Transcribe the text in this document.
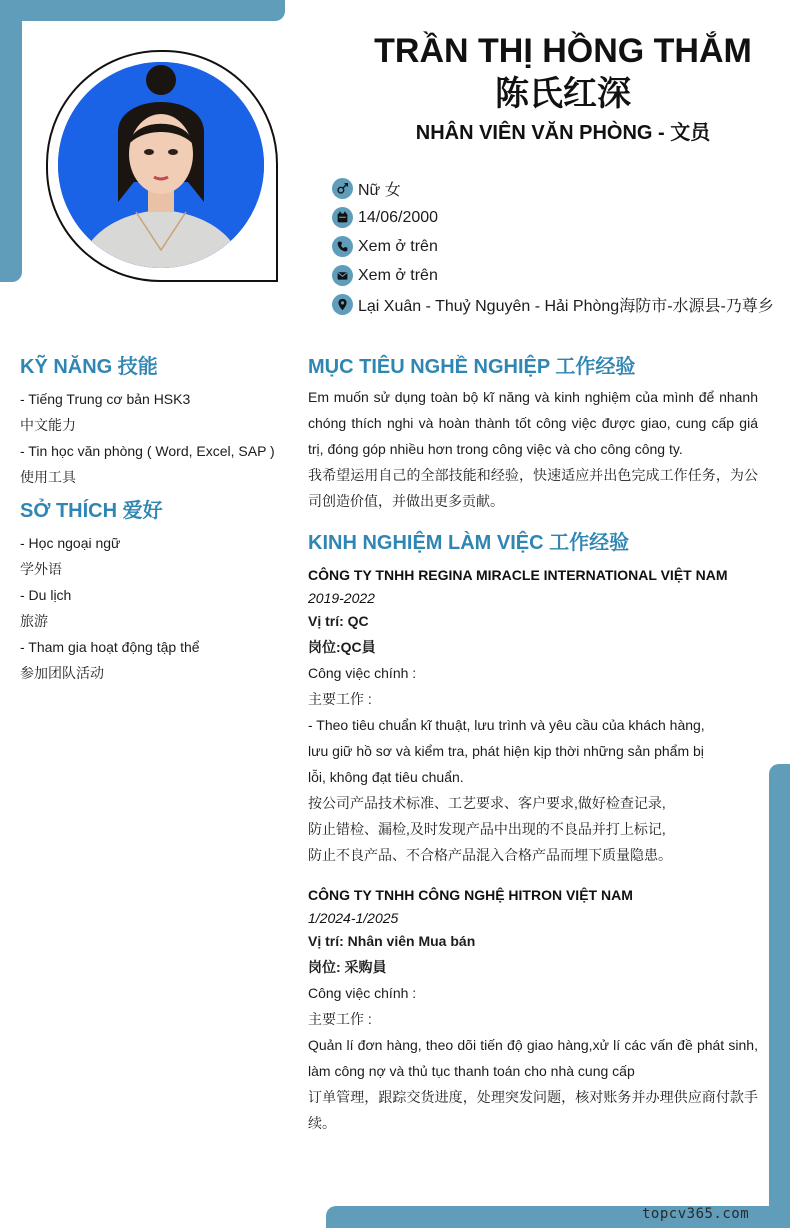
topcv365.com
TRẦN THỊ HỒNG THẮM
陈氏红深
NHÂN VIÊN VĂN PHÒNG - 文员
Nữ 女
14/06/2000
Xem ở trên
Xem ở trên
Lại Xuân - Thuỷ Nguyên - Hải Phòng海防市-水源县-乃尊乡
KỸ NĂNG 技能
- Tiếng Trung cơ bản HSK3
中文能力
- Tin học văn phòng ( Word, Excel, SAP )
使用工具
SỞ THÍCH 爱好
- Học ngoại ngữ
学外语
- Du lịch
旅游
- Tham gia hoạt động tập thể
参加团队活动
MỤC TIÊU NGHỀ NGHIỆP 工作经验
Em muốn sử dụng toàn bộ kĩ năng và kinh nghiệm của mình để nhanh chóng thích nghi và hoàn thành tốt công việc được giao, cung cấp giá trị, đóng góp nhiều hơn trong công việc và cho công công ty.
我希望运用自己的全部技能和经验，快速适应并出色完成工作任务，为公司创造价值，并做出更多贡献。
KINH NGHIỆM LÀM VIỆC 工作经验
CÔNG TY TNHH REGINA MIRACLE INTERNATIONAL VIỆT NAM
2019-2022
Vị trí: QC
岗位:QC員
Công việc chính :
主要工作 :
- Theo tiêu chuẩn kĩ thuật, lưu trình và yêu cầu của khách hàng,
lưu giữ hồ sơ và kiểm tra, phát hiện kịp thời những sản phẩm bị
lỗi, không đạt tiêu chuẩn.
按公司产品技术标准、工艺要求、客户要求,做好检查记录,
防止错检、漏检,及时发现产品中出现的不良品并打上标记,
防止不良产品、不合格产品混入合格产品而埋下质量隐患。
CÔNG TY TNHH CÔNG NGHỆ HITRON VIỆT NAM
1/2024-1/2025
Vị trí: Nhân viên Mua bán
岗位: 采购員
Công việc chính :
主要工作 :
Quản lí đơn hàng, theo dõi tiến độ giao hàng,xử lí các vấn đề phát sinh, làm công nợ và thủ tục thanh toán cho nhà cung cấp
订单管理，跟踪交货进度，处理突发问题，核对账务并办理供应商付款手续。
